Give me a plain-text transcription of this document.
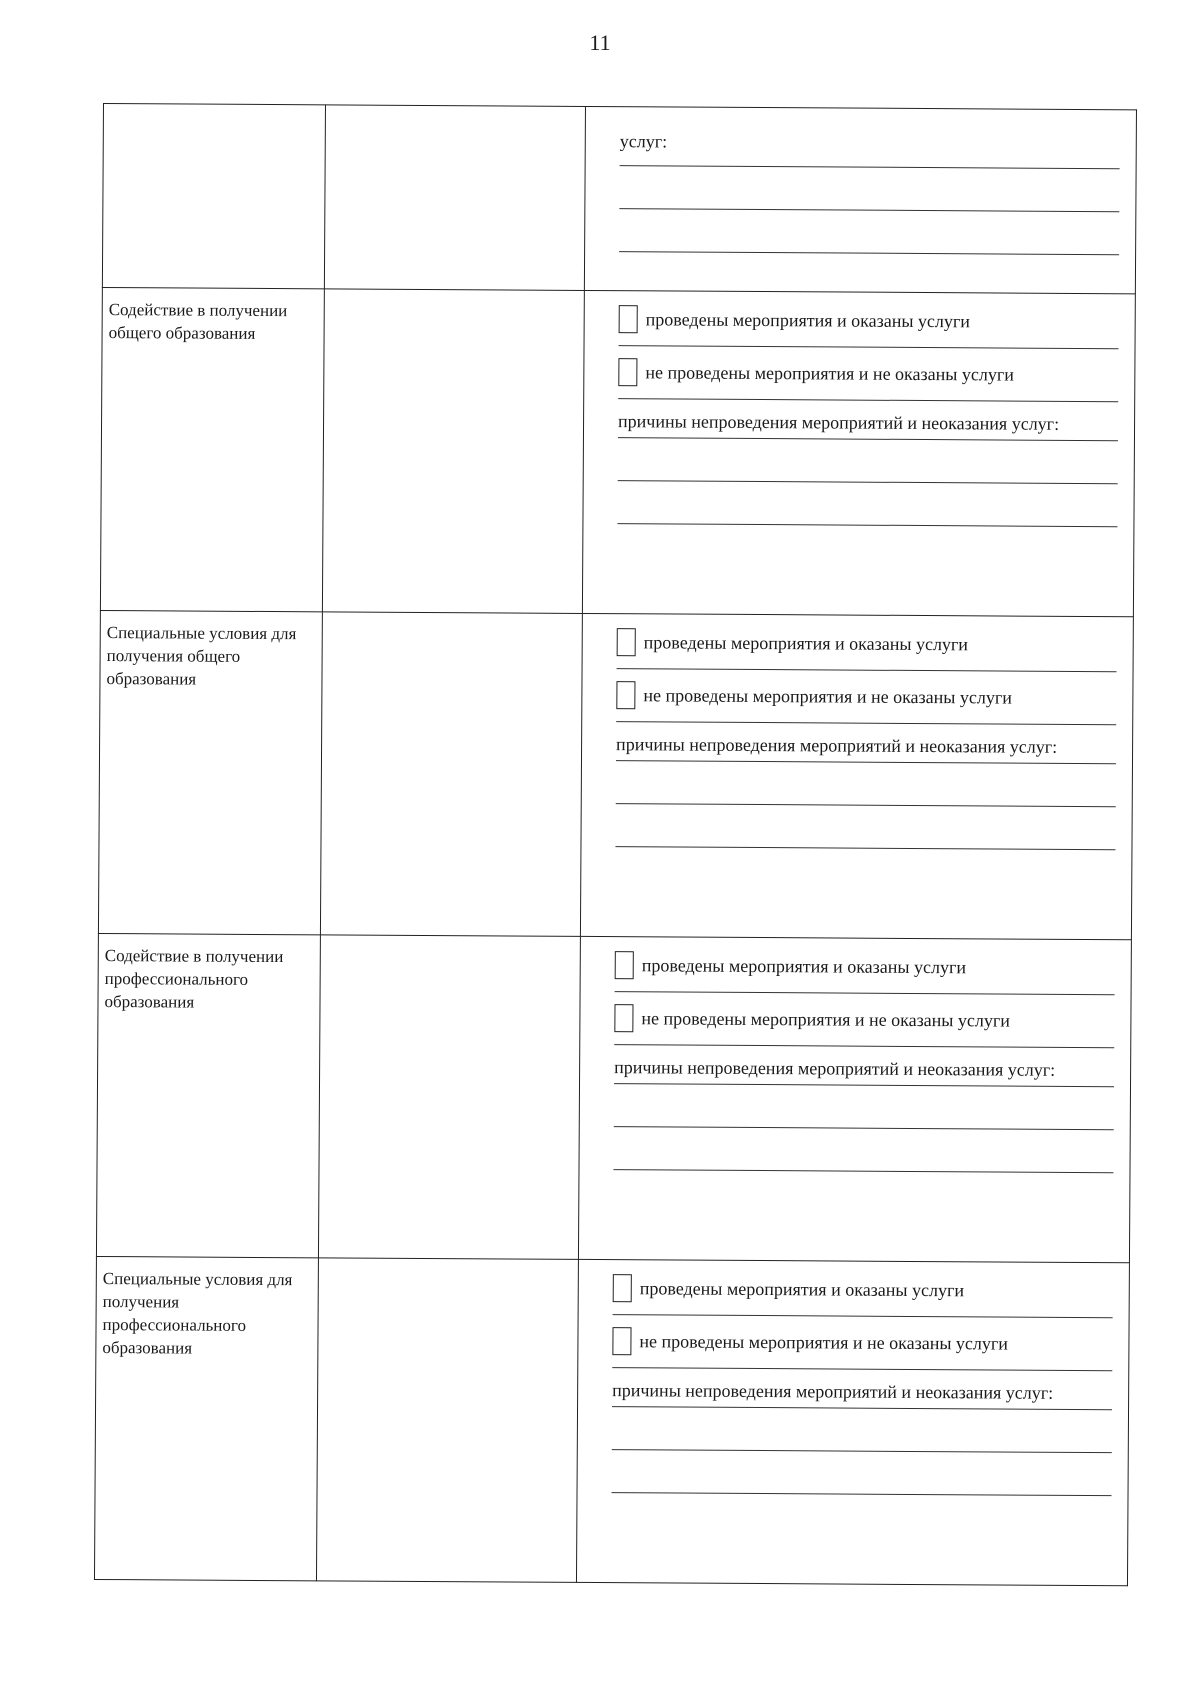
11

		услуг:

Содействие в получении общего образования		проведены мероприятия и оказаны услуги
не проведены мероприятия и не оказаны услуги
причины непроведения мероприятий и неоказания услуг:

Специальные условия для получения общего образования		проведены мероприятия и оказаны услуги
не проведены мероприятия и не оказаны услуги
причины непроведения мероприятий и неоказания услуг:

Содействие в получении профессионального образования		проведены мероприятия и оказаны услуги
не проведены мероприятия и не оказаны услуги
причины непроведения мероприятий и неоказания услуг:

Специальные условия для получения профессионального образования		проведены мероприятия и оказаны услуги
не проведены мероприятия и не оказаны услуги
причины непроведения мероприятий и неоказания услуг:
